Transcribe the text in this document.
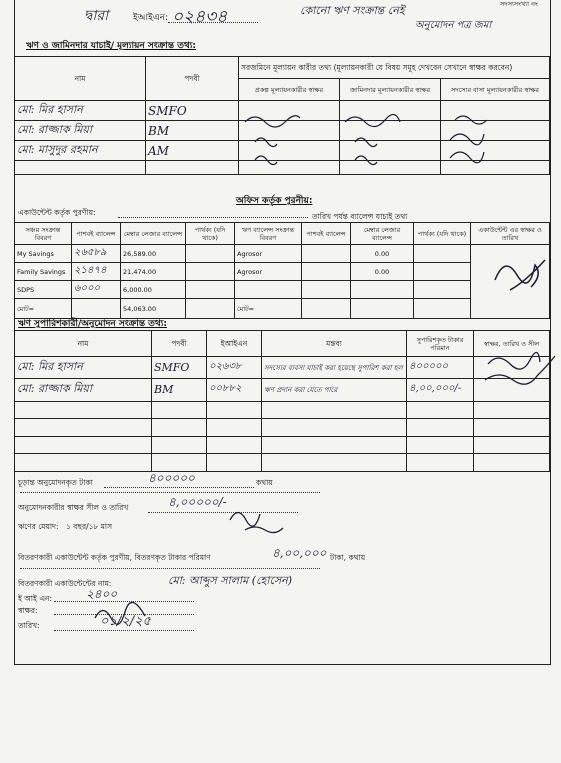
দ্বারা	ইআইএন: ০২৪৩৪	কোনো ঋণ সংক্রান্ত নেই
অনুমোদন পত্র জমা
সদস্যসংখ্যা নং
ঋণ ও জামিনদার যাচাই/ মূল্যায়ন সংক্রান্ত তথ্য:
নাম	পদবী	সরজমিনে মূল্যায়ন কারীর তথ্য (মূল্যায়নকারী যে বিষয় সমূহ দেখবেন সেখানে স্বাক্ষর করবেন)		
		প্রকল্প মূল্যায়নকারীর স্বাক্ষর	জামিনদার মূল্যায়নকারীর স্বাক্ষর	সদস্যের বাসা মূল্যায়নকারীর স্বাক্ষর
মো: মির হাসান	SMFO			
মো: রাজ্জাক মিয়া	BM			
মো: মাসুদুর রহমান	AM			

অফিস কর্তৃক পুরনীয়:
একাউন্টেন্ট কর্তৃক পুরণীয়:	তারিখ পর্যন্ত ব্যালেন্স যাচাই তথ্য
সঞ্চয় সংক্রান্ত বিবরণ	পাশবই ব্যালেন্স	মেম্বার লেজার ব্যালেন্স	পার্থক্য (যদি থাকে)	ঋণ ব্যালেন্স সংক্রান্ত বিবরণ	পাশবই ব্যালেন্স	মেম্বার লেজার ব্যালেন্স	পার্থক্য (যদি থাকে)	একাউন্টেন্ট এর স্বাক্ষর ও তারিখ
My Savings	২৬৫৮৯	26,589.00		Agrosor		0.00		
Family Savings	২১৪৭৪	21,474.00		Agrosor		0.00		
SDPS	৬০০০	6,000.00						
মোট=		54,063.00		মোট=				
ঋণ সুপারিশকারী/অনুমোদন সংক্রান্ত তথ্য:
নাম	পদবী	ইআইএন	মন্তব্য	সুপারিশকৃত টাকার পরিমান	স্বাক্ষর, তারিখ ও সীল
মো: মির হাসান	SMFO	০২৬৩৮	সদস্যের ব্যবসা যাচাই করা হয়েছে সুপারিশ করা হল	৪০০০০০	
মো: রাজ্জাক মিয়া	BM	০০৮৮২	ঋণ প্রদান করা যেতে পারে	৪,০০,০০০/-	

চূড়ান্ত অনুমোদনকৃত টাকা	৪০০০০০	কথায়
অনুমোদনকারীর স্বাক্ষর সীল ও তারিখ	৪,০০০০০/-
ঋণের মেয়াদ: ১ বছর/১৮ মাস
বিতরণকারী একাউন্টেন্ট কর্তৃক পুরণীয়, বিতরণকৃত টাকার পরিমাণ	৪,০০,০০০ টাকা, কথায়
বিতরণকারী একাউন্টেন্টের নাম:	মো: আব্দুস সালাম (হোসেন)
ই আই এন:	২৪০০
স্বাক্ষর:
তারিখ:	০১/২/২৫
